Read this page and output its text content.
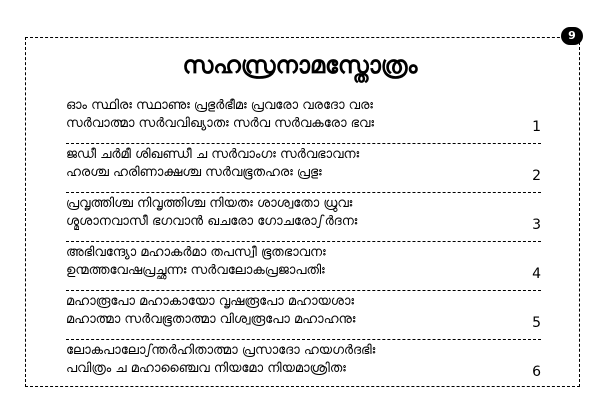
9
സഹസ്രനാമസ്തോത്രം
ഓം സ്ഥിരഃ സ്ഥാണുഃ പ്രഭുർഭീമഃ പ്രവരോ വരദോ വരഃ
സർവാത്മാ സർവവിഖ്യാതഃ സർവ സർവകരോ ഭവഃ	1
ജഡീ ചർമീ ശിഖണ്ഡീ ച സർവാംഗഃ സർവഭാവനഃ
ഹരശ്ച ഹരിണാക്ഷശ്ച സർവഭൂതഹരഃ പ്രഭുഃ	2
പ്രവൃത്തിശ്ച നിവൃത്തിശ്ച നിയതഃ ശാശ്വതോ ധ്രുവഃ
ശ്മശാനവാസീ ഭഗവാൻ ഖചരോ ഗോചരോഽർദനഃ	3
അഭിവന്ദ്യോ മഹാകർമാ തപസ്വീ ഭൂതഭാവനഃ
ഉന്മത്തവേഷപ്രച്ഛന്നഃ സർവലോകപ്രജാപതിഃ	4
മഹാരൂപോ മഹാകായോ വൃഷരൂപോ മഹായശാഃ
മഹാത്മാ സർവഭൂതാത്മാ വിശ്വരൂപോ മഹാഹനുഃ	5
ലോകപാലോഽന്തർഹിതാത്മാ പ്രസാദോ ഹയഗർദഭിഃ
പവിത്രം ച മഹാഞ്ചൈവ നിയമോ നിയമാശ്രിതഃ	6
